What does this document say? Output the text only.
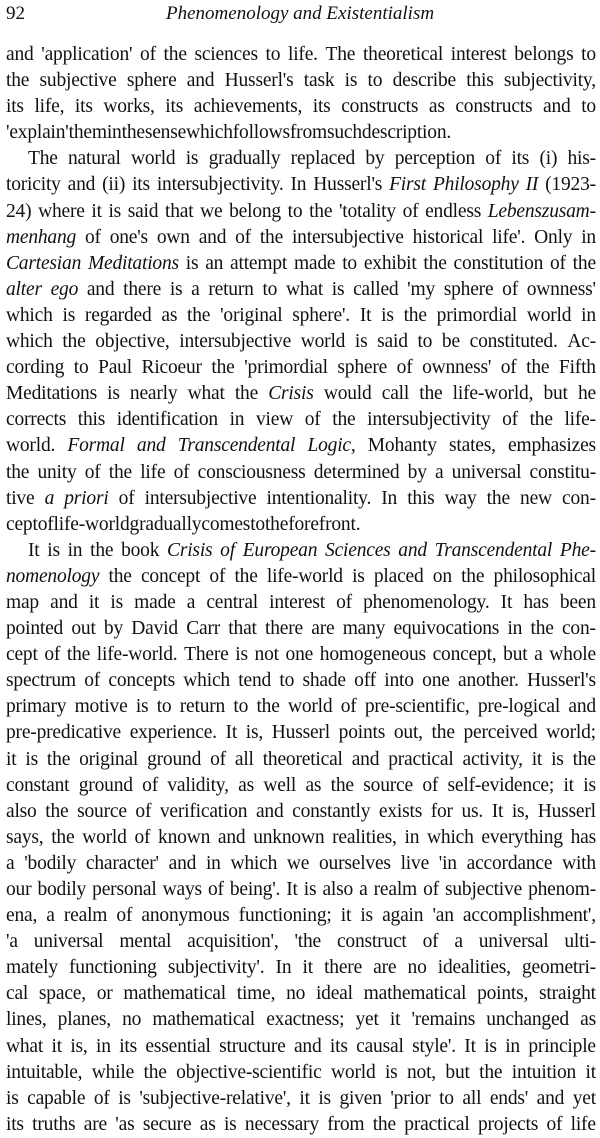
92	Phenomenology and Existentialism
and 'application' of the sciences to life. The theoretical interest belongs to
the subjective sphere and Husserl's task is to describe this subjectivity,
its life, its works, its achievements, its constructs as constructs and to
'explain' them in the sense which follows from such description.
The natural world is gradually replaced by perception of its (i) his-
toricity and (ii) its intersubjectivity. In Husserl's First Philosophy II (1923-
24) where it is said that we belong to the 'totality of endless Lebenszusam-
menhang of one's own and of the intersubjective historical life'. Only in
Cartesian Meditations is an attempt made to exhibit the constitution of the
alter ego and there is a return to what is called 'my sphere of ownness'
which is regarded as the 'original sphere'. It is the primordial world in
which the objective, intersubjective world is said to be constituted. Ac-
cording to Paul Ricoeur the 'primordial sphere of ownness' of the Fifth
Meditations is nearly what the Crisis would call the life-world, but he
corrects this identification in view of the intersubjectivity of the life-
world. Formal and Transcendental Logic, Mohanty states, emphasizes
the unity of the life of consciousness determined by a universal constitu-
tive a priori of intersubjective intentionality. In this way the new con-
cept of life-world gradually comes to the forefront.
It is in the book Crisis of European Sciences and Transcendental Phe-
nomenology the concept of the life-world is placed on the philosophical
map and it is made a central interest of phenomenology. It has been
pointed out by David Carr that there are many equivocations in the con-
cept of the life-world. There is not one homogeneous concept, but a whole
spectrum of concepts which tend to shade off into one another. Husserl's
primary motive is to return to the world of pre-scientific, pre-logical and
pre-predicative experience. It is, Husserl points out, the perceived world;
it is the original ground of all theoretical and practical activity, it is the
constant ground of validity, as well as the source of self-evidence; it is
also the source of verification and constantly exists for us. It is, Husserl
says, the world of known and unknown realities, in which everything has
a 'bodily character' and in which we ourselves live 'in accordance with
our bodily personal ways of being'. It is also a realm of subjective phenom-
ena, a realm of anonymous functioning; it is again 'an accomplishment',
'a universal mental acquisition', 'the construct of a universal ulti-
mately functioning subjectivity'. In it there are no idealities, geometri-
cal space, or mathematical time, no ideal mathematical points, straight
lines, planes, no mathematical exactness; yet it 'remains unchanged as
what it is, in its essential structure and its causal style'. It is in principle
intuitable, while the objective-scientific world is not, but the intuition it
is capable of is 'subjective-relative', it is given 'prior to all ends' and yet
its truths are 'as secure as is necessary from the practical projects of life
